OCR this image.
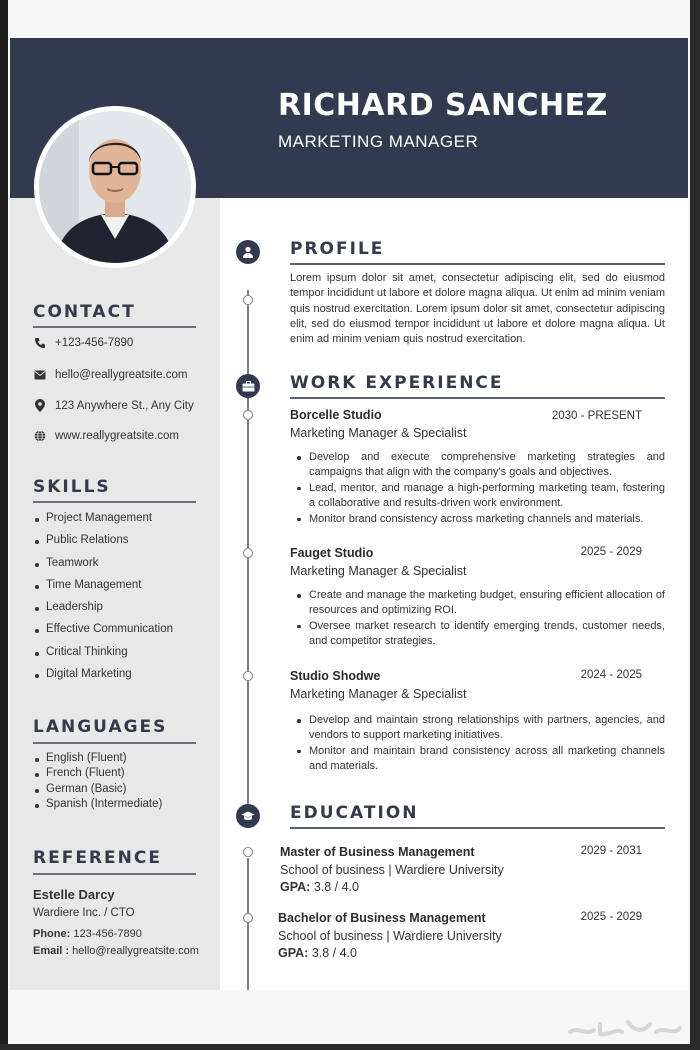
RICHARD SANCHEZ
MARKETING MANAGER
CONTACT
+123-456-7890
hello@reallygreatsite.com
123 Anywhere St., Any City
www.reallygreatsite.com
SKILLS
Project Management
Public Relations
Teamwork
Time Management
Leadership
Effective Communication
Critical Thinking
Digital Marketing
LANGUAGES
English (Fluent)
French (Fluent)
German (Basic)
Spanish (Intermediate)
REFERENCE
Estelle Darcy
Wardiere Inc. / CTO
Phone: 123-456-7890
Email : hello@reallygreatsite.com
PROFILE
Lorem ipsum dolor sit amet, consectetur adipiscing elit, sed do eiusmod tempor incididunt ut labore et dolore magna aliqua. Ut enim ad minim veniam quis nostrud exercitation. Lorem ipsum dolor sit amet, consectetur adipiscing elit, sed do eiusmod tempor incididunt ut labore et dolore magna aliqua. Ut enim ad minim veniam quis nostrud exercitation.
WORK EXPERIENCE
Borcelle Studio	2030 - PRESENT
Marketing Manager & Specialist
Develop and execute comprehensive marketing strategies and campaigns that align with the company's goals and objectives.
Lead, mentor, and manage a high-performing marketing team, fostering a collaborative and results-driven work environment.
Monitor brand consistency across marketing channels and materials.
Fauget Studio	2025 - 2029
Marketing Manager & Specialist
Create and manage the marketing budget, ensuring efficient allocation of resources and optimizing ROI.
Oversee market research to identify emerging trends, customer needs, and competitor strategies.
Studio Shodwe	2024 - 2025
Marketing Manager & Specialist
Develop and maintain strong relationships with partners, agencies, and vendors to support marketing initiatives.
Monitor and maintain brand consistency across all marketing channels and materials.
EDUCATION
Master of Business Management	2029 - 2031
School of business | Wardiere University
GPA: 3.8 / 4.0
Bachelor of Business Management	2025 - 2029
School of business | Wardiere University
GPA: 3.8 / 4.0
